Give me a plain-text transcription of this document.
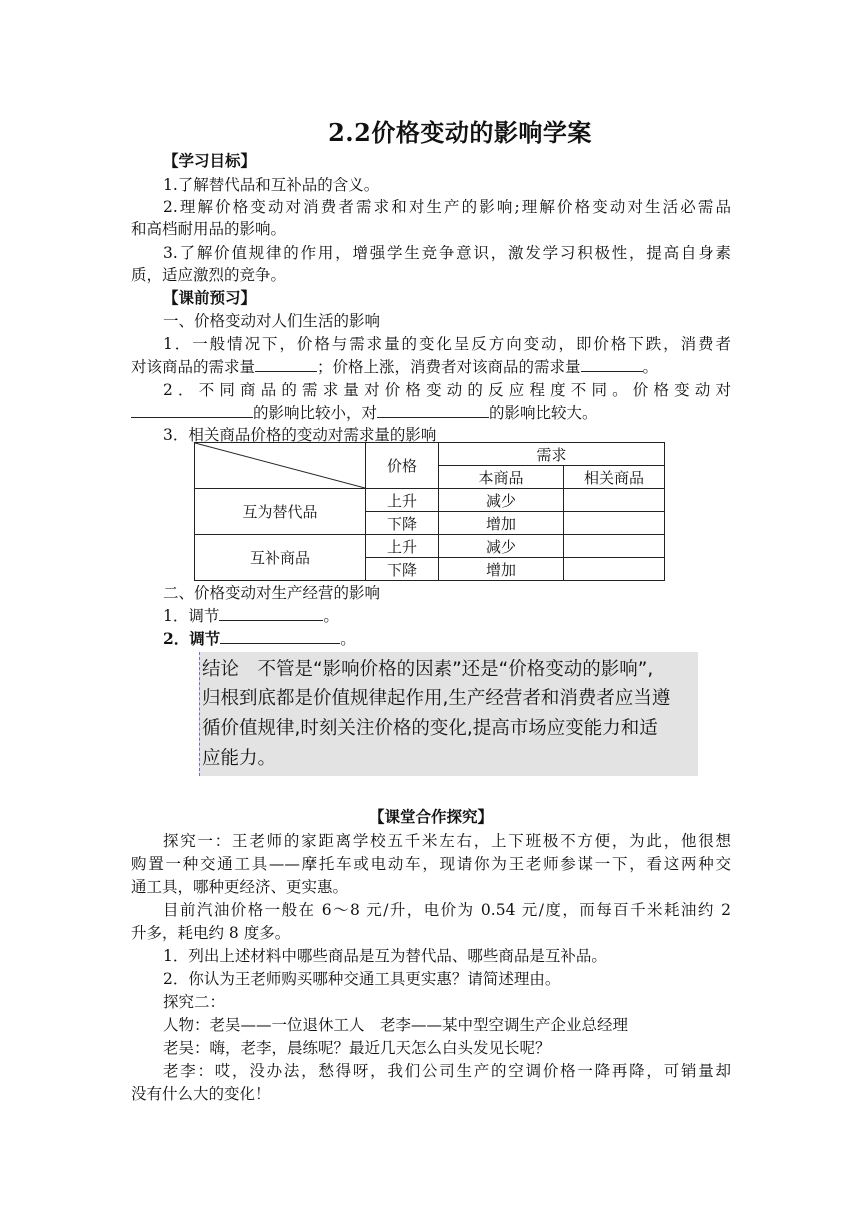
2.2价格变动的影响学案
【学习目标】
1.了解替代品和互补品的含义。
2.理解价格变动对消费者需求和对生产的影响;理解价格变动对生活必需品
和高档耐用品的影响。
3.了解价值规律的作用，增强学生竞争意识，激发学习积极性，提高自身素
质，适应激烈的竞争。
【课前预习】
一、价格变动对人们生活的影响
1．一般情况下，价格与需求量的变化呈反方向变动，即价格下跌，消费者
对该商品的需求量	；价格上涨，消费者对该商品的需求量	。
2．不同商品的需求量对价格变动的反应程度不同。价格变动对
的影响比较小，对	的影响比较大。
3．相关商品价格的变动对需求量的影响
	价格	需求	
		本商品	相关商品
互为替代品	上升	减少	
	下降	增加	
互补商品	上升	减少	
	下降	增加	
二、价格变动对生产经营的影响
1．调节	。
2．调节	。
结论　不管是“影响价格的因素”还是“价格变动的影响”,
归根到底都是价值规律起作用,生产经营者和消费者应当遵
循价值规律,时刻关注价格的变化,提高市场应变能力和适
应能力。
【课堂合作探究】
探究一：王老师的家距离学校五千米左右，上下班极不方便，为此，他很想
购置一种交通工具——摩托车或电动车，现请你为王老师参谋一下，看这两种交
通工具，哪种更经济、更实惠。
目前汽油价格一般在 6～8 元/升，电价为 0.54 元/度，而每百千米耗油约 2
升多，耗电约 8 度多。
1．列出上述材料中哪些商品是互为替代品、哪些商品是互补品。
2．你认为王老师购买哪种交通工具更实惠？请简述理由。
探究二：
人物：老吴——一位退休工人　老李——某中型空调生产企业总经理
老吴：嗨，老李，晨练呢？最近几天怎么白头发见长呢？
老李：哎，没办法，愁得呀，我们公司生产的空调价格一降再降，可销量却
没有什么大的变化！
